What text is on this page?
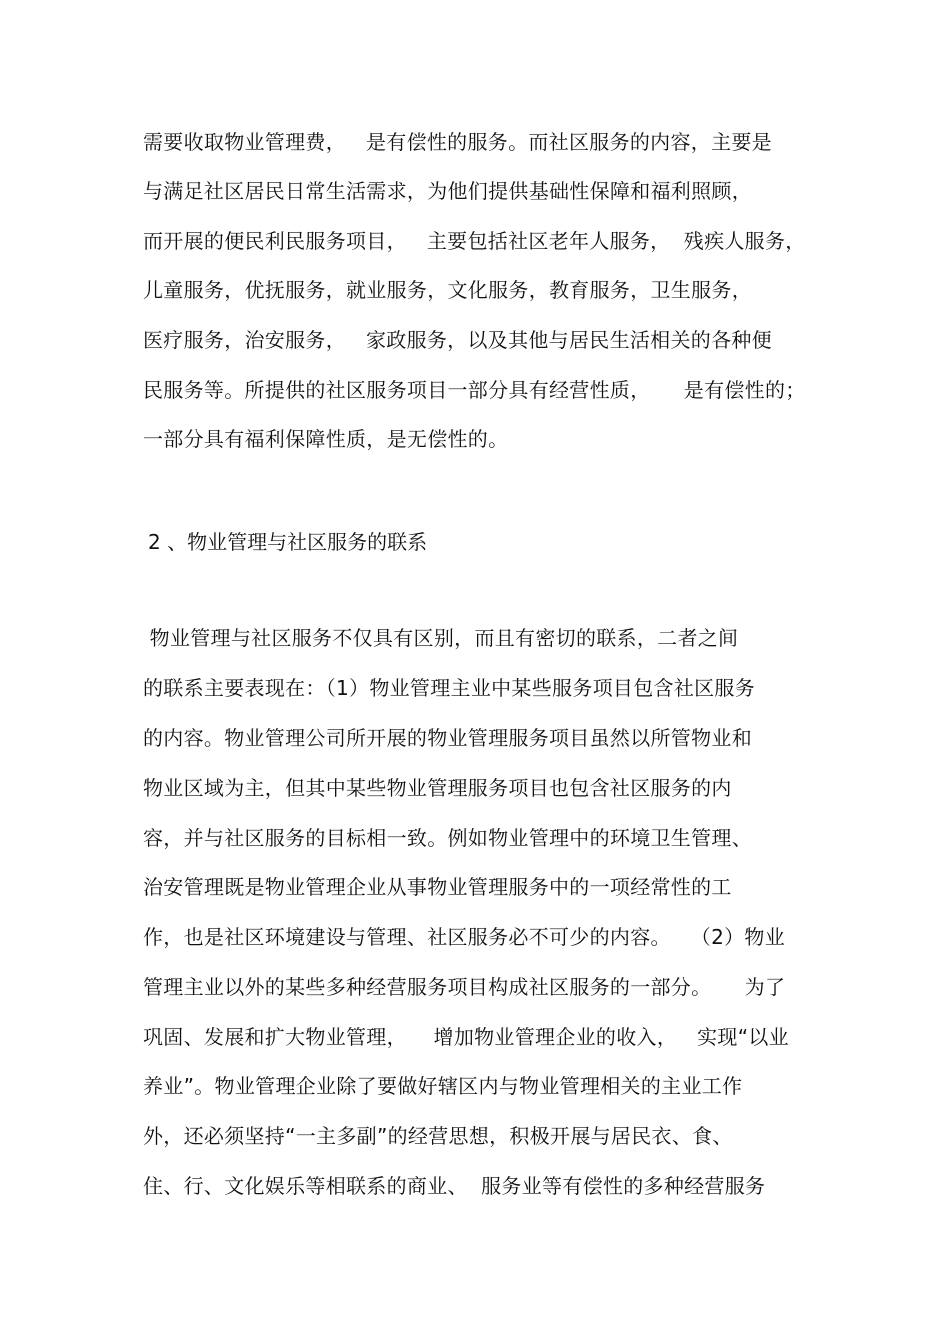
需要收取物业管理费，   是有偿性的服务。而社区服务的内容，主要是
与满足社区居民日常生活需求，为他们提供基础性保障和福利照顾，
而开展的便民利民服务项目，   主要包括社区老年人服务，  残疾人服务，
儿童服务，优抚服务，就业服务，文化服务，教育服务，卫生服务，
医疗服务，治安服务，   家政服务，以及其他与居民生活相关的各种便
民服务等。所提供的社区服务项目一部分具有经营性质，     是有偿性的；
一部分具有福利保障性质，是无偿性的。
2 、物业管理与社区服务的联系
物业管理与社区服务不仅具有区别，而且有密切的联系，二者之间
的联系主要表现在：（1）物业管理主业中某些服务项目包含社区服务
的内容。物业管理公司所开展的物业管理服务项目虽然以所管物业和
物业区域为主，但其中某些物业管理服务项目也包含社区服务的内
容，并与社区服务的目标相一致。例如物业管理中的环境卫生管理、
治安管理既是物业管理企业从事物业管理服务中的一项经常性的工
作，也是社区环境建设与管理、社区服务必不可少的内容。   （2）物业
管理主业以外的某些多种经营服务项目构成社区服务的一部分。     为了
巩固、发展和扩大物业管理，    增加物业管理企业的收入，   实现“以业
养业”。物业管理企业除了要做好辖区内与物业管理相关的主业工作
外，还必须坚持“一主多副”的经营思想，积极开展与居民衣、食、
住、行、文化娱乐等相联系的商业、  服务业等有偿性的多种经营服务
